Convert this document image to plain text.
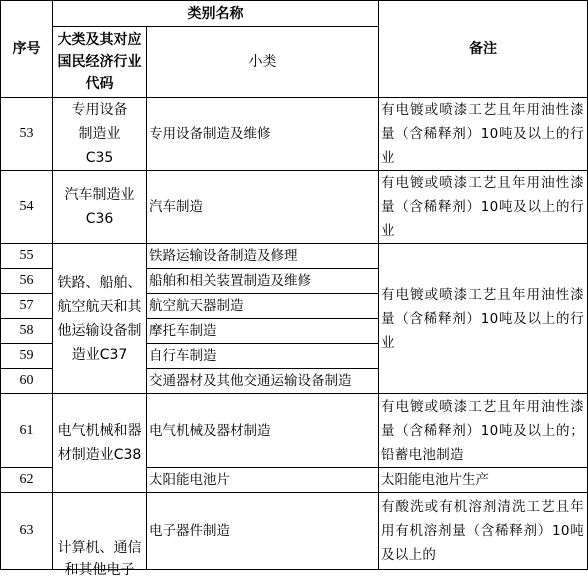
序号	类别名称		备注
	大类及其对应国民经济行业代码	小类	
53	专用设备制造业C35	专用设备制造及维修	有电镀或喷漆工艺且年用油性漆量（含稀释剂）10吨及以上的行业
54	汽车制造业C36	汽车制造	有电镀或喷漆工艺且年用油性漆量（含稀释剂）10吨及以上的行业
55	铁路、船舶、航空航天和其他运输设备制造业C37	铁路运输设备制造及修理	有电镀或喷漆工艺且年用油性漆量（含稀释剂）10吨及以上的行业
56		船舶和相关装置制造及维修	
57		航空航天器制造	
58		摩托车制造	
59		自行车制造	
60		交通器材及其他交通运输设备制造	
61	电气机械和器材制造业C38	电气机械及器材制造	有电镀或喷漆工艺且年用油性漆量（含稀释剂）10吨及以上的；铅蓄电池制造
62		太阳能电池片	太阳能电池片生产
63	计算机、通信和其他电子	电子器件制造	有酸洗或有机溶剂清洗工艺且年用有机溶剂量（含稀释剂）10吨及以上的
